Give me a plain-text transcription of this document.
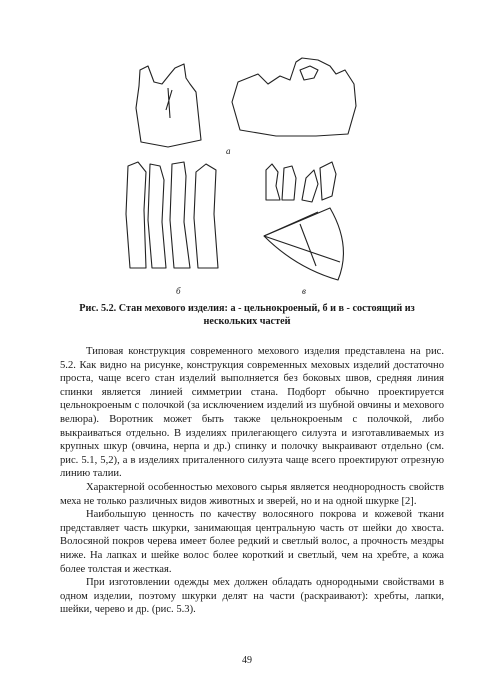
а
б	в
Рис. 5.2. Стан мехового изделия: а - цельнокроеный, б и в - состоящий из нескольких частей

Типовая конструкция современного мехового изделия представлена на рис. 5.2. Как видно на рисунке, конструкция современных меховых изделий достаточно проста, чаще всего стан изделий выполняется без боковых швов, средняя линия спинки является линией симметрии стана. Подборт обычно проектируется цельнокроеным с полочкой (за исключением изделий из шубной овчины и мехового велюра). Воротник может быть также цельнокроеным с полочкой, либо выкраиваться отдельно. В изделиях прилегающего силуэта и изготавливаемых из крупных шкур (овчина, нерпа и др.) спинку и полочку выкраивают отдельно (см. рис. 5.1, 5,2), а в изделиях приталенного силуэта чаще всего проектируют отрезную линию талии.

Характерной особенностью мехового сырья является неоднородность свойств меха не только различных видов животных и зверей, но и на одной шкурке [2].

Наибольшую ценность по качеству волосяного покрова и кожевой ткани представляет часть шкурки, занимающая центральную часть от шейки до хвоста. Волосяной покров черева имеет более редкий и светлый волос, а прочность мездры ниже. На лапках и шейке волос более короткий и светлый, чем на хребте, а кожа более толстая и жесткая.

При изготовлении одежды мех должен обладать однородными свойствами в одном изделии, поэтому шкурки делят на части (раскраивают): хребты, лапки, шейки, черево и др. (рис. 5.3).

49
